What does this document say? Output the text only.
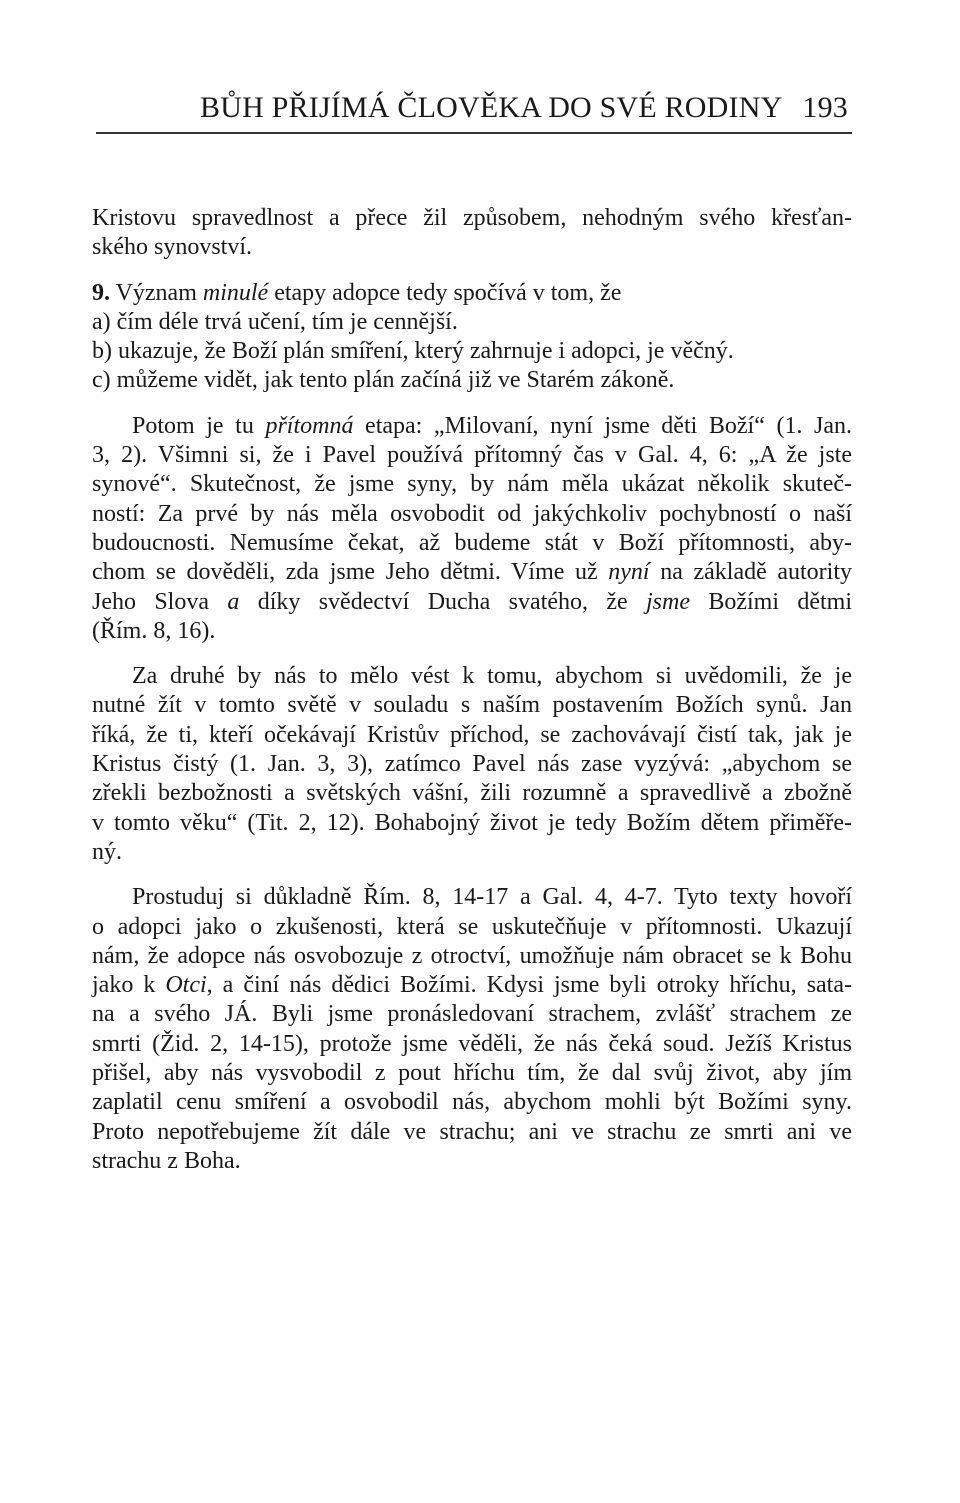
BŮH PŘIJÍMÁ ČLOVĚKA DO SVÉ RODINY 193
Kristovu spravedlnost a přece žil způsobem, nehodným svého křesťan-
ského synovství.
9. Význam minulé etapy adopce tedy spočívá v tom, že
a) čím déle trvá učení, tím je cennější.
b) ukazuje, že Boží plán smíření, který zahrnuje i adopci, je věčný.
c) můžeme vidět, jak tento plán začíná již ve Starém zákoně.
Potom je tu přítomná etapa: „Milovaní, nyní jsme děti Boží“ (1. Jan.
3, 2). Všimni si, že i Pavel používá přítomný čas v Gal. 4, 6: „A že jste
synové“. Skutečnost, že jsme syny, by nám měla ukázat několik skuteč-
ností: Za prvé by nás měla osvobodit od jakýchkoliv pochybností o naší
budoucnosti. Nemusíme čekat, až budeme stát v Boží přítomnosti, aby-
chom se dověděli, zda jsme Jeho dětmi. Víme už nyní na základě autority
Jeho Slova a díky svědectví Ducha svatého, že jsme Božími dětmi
(Řím. 8, 16).
Za druhé by nás to mělo vést k tomu, abychom si uvědomili, že je
nutné žít v tomto světě v souladu s naším postavením Božích synů. Jan
říká, že ti, kteří očekávají Kristův příchod, se zachovávají čistí tak, jak je
Kristus čistý (1. Jan. 3, 3), zatímco Pavel nás zase vyzývá: „abychom se
zřekli bezbožnosti a světských vášní, žili rozumně a spravedlivě a zbožně
v tomto věku“ (Tit. 2, 12). Bohabojný život je tedy Božím dětem přiměře-
ný.
Prostuduj si důkladně Řím. 8, 14-17 a Gal. 4, 4-7. Tyto texty hovoří
o adopci jako o zkušenosti, která se uskutečňuje v přítomnosti. Ukazují
nám, že adopce nás osvobozuje z otroctví, umožňuje nám obracet se k Bohu
jako k Otci, a činí nás dědici Božími. Kdysi jsme byli otroky hříchu, sata-
na a svého JÁ. Byli jsme pronásledovaní strachem, zvlášť strachem ze
smrti (Žid. 2, 14-15), protože jsme věděli, že nás čeká soud. Ježíš Kristus
přišel, aby nás vysvobodil z pout hříchu tím, že dal svůj život, aby jím
zaplatil cenu smíření a osvobodil nás, abychom mohli být Božími syny.
Proto nepotřebujeme žít dále ve strachu; ani ve strachu ze smrti ani ve
strachu z Boha.
